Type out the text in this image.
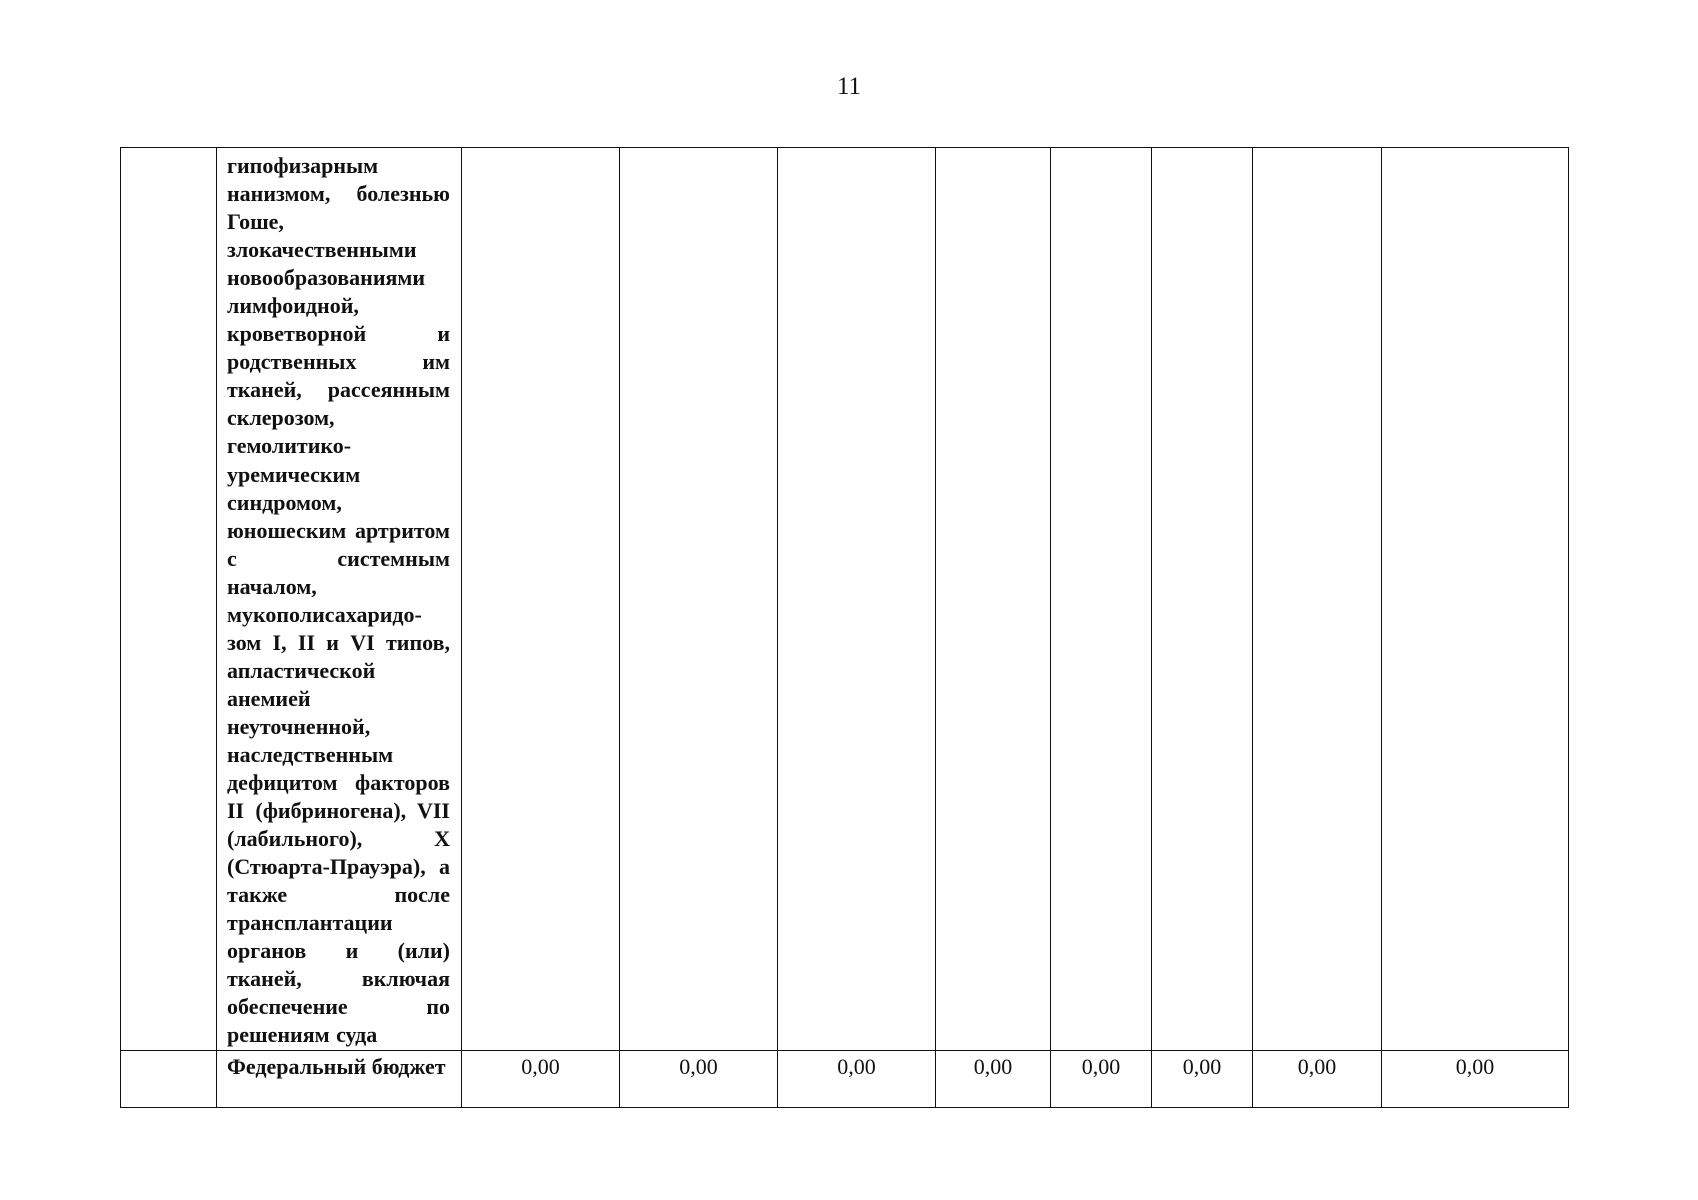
11

	гипофизарным нанизмом, болезнью Гоше, злокачественными новообразованиями лимфоидной, кроветворной и родственных им тканей, рассеянным склерозом, гемолитико-уремическим синдромом, юношеским артритом с системным началом, мукополисахаридо-зом I, II и VI типов, апластической анемией неуточненной, наследственным дефицитом факторов II (фибриногена), VII (лабильного), X (Стюарта-Прауэра), а также после трансплантации органов и (или) тканей, включая обеспечение по решениям суда								

	Федеральный бюджет	0,00	0,00	0,00	0,00	0,00	0,00	0,00	0,00
